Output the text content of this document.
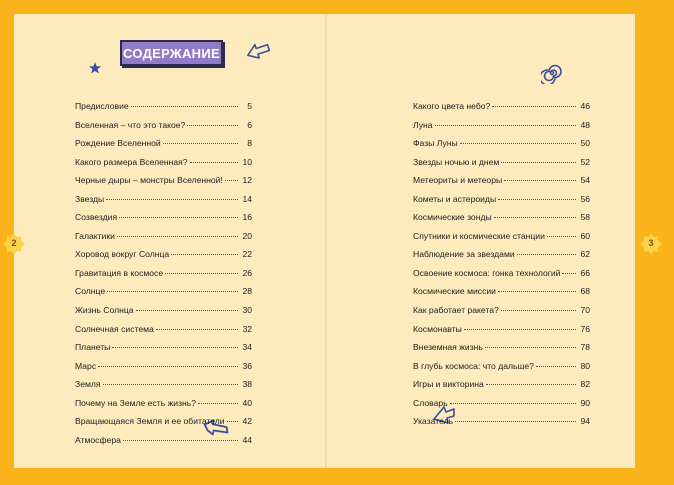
СОДЕРЖАНИЕ
2	3
Предисловие	5
Вселенная – что это такое?	6
Рождение Вселенной	8
Какого размера Вселенная?	10
Черные дыры – монстры Вселенной! 12
Звезды	14
Созвездия	16
Галактики	20
Хоровод вокруг Солнца	22
Гравитация в космосе	26
Солнце	28
Жизнь Солнца	30
Солнечная система	32
Планеты	34
Марс	36
Земля	38
Почему на Земле есть жизнь?	40
Вращающаяся Земля и ее обитатели 42
Атмосфера	44
Какого цвета небо?	46
Луна	48
Фазы Луны	50
Звезды ночью и днем	52
Метеориты и метеоры	54
Кометы и астероиды	56
Космические зонды	58
Спутники и космические станции	60
Наблюдение за звездами	62
Освоение космоса: гонка технологий 66
Космические миссии	68
Как работает ракета?	70
Космонавты	76
Внеземная жизнь	78
В глубь космоса: что дальше?	80
Игры и викторина	82
Словарь	90
Указатель	94
